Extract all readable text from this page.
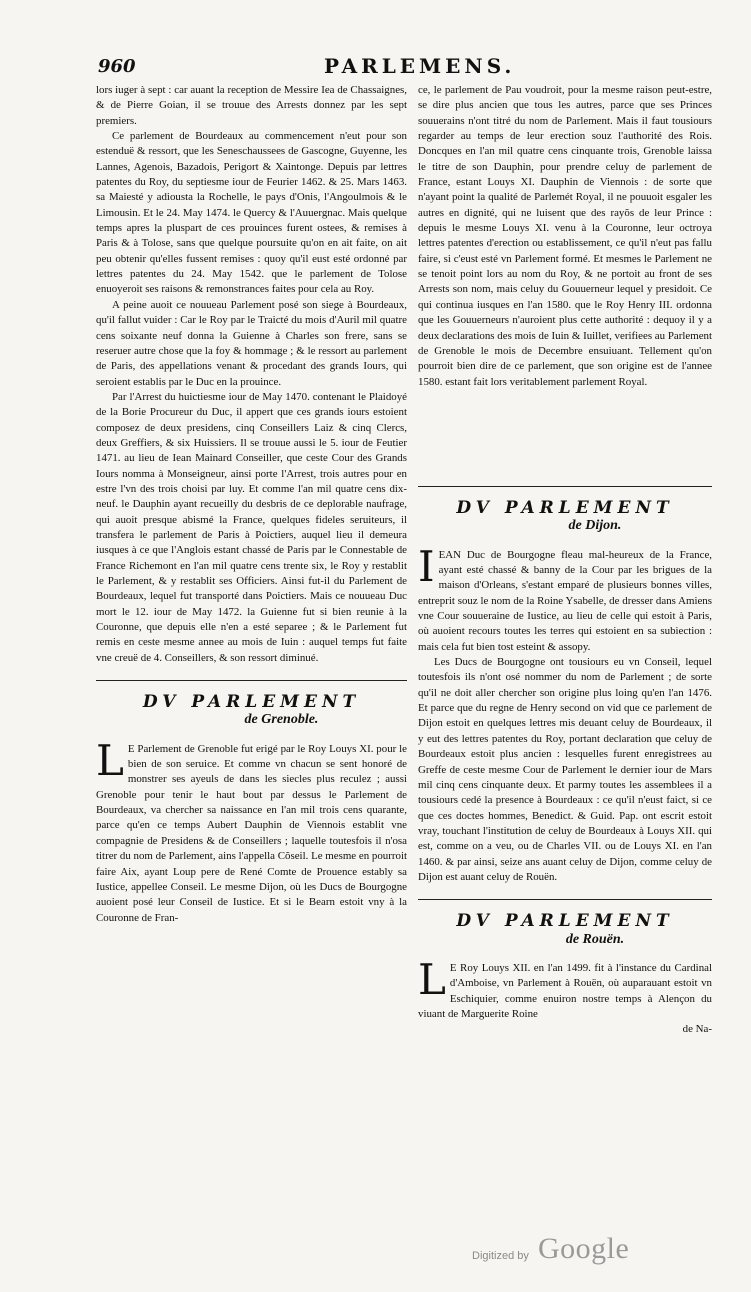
960	PARLEMENS.

lors iuger à sept : car auant la reception de Messire Iea de Chassaignes, & de Pierre Goian, il se trouue des Arrests donnez par les sept premiers.

Ce parlement de Bourdeaux au commencement n'eut pour son estenduë & ressort, que les Seneschaussees de Gascogne, Guyenne, les Lannes, Agenois, Bazadois, Perigort & Xaintonge. Depuis par lettres patentes du Roy, du septiesme iour de Feurier 1462. & 25. Mars 1463. sa Maiesté y adiousta la Rochelle, le pays d'Onis, l'Angoulmois & le Limousin. Et le 24. May 1474. le Quercy & l'Auuergnac. Mais quelque temps apres la pluspart de ces prouinces furent ostees, & remises à Paris & à Tolose, sans que quelque poursuite qu'on en ait faite, on ait peu obtenir qu'elles fussent remises : quoy qu'il eust esté ordonné par lettres patentes du 24. May 1542. que le parlement de Tolose enuoyeroit ses raisons & remonstrances faites pour cela au Roy.

A peine auoit ce nouueau Parlement posé son siege à Bourdeaux, qu'il fallut vuider : Car le Roy par le Traicté du mois d'Auril mil quatre cens soixante neuf donna la Guienne à Charles son frere, sans se reseruer autre chose que la foy & hommage ; & le ressort au parlement de Paris, des appellations venant & procedant des grands Iours, qui seroient establis par le Duc en la prouince.

Par l'Arrest du huictiesme iour de May 1470. contenant le Plaidoyé de la Borie Procureur du Duc, il appert que ces grands iours estoient composez de deux presidens, cinq Conseillers Laiz & cinq Clercs, deux Greffiers, & six Huissiers. Il se trouue aussi le 5. iour de Feutier 1471. au lieu de Iean Mainard Conseiller, que ceste Cour des Grands Iours nomma à Monseigneur, ainsi porte l'Arrest, trois autres pour en estre l'vn des trois choisi par luy. Et comme l'an mil quatre cens dix-neuf. le Dauphin ayant recueilly du desbris de ce deplorable naufrage, qui auoit presque abismé la France, quelques fideles seruiteurs, il transfera le parlement de Paris à Poictiers, auquel lieu il demeura iusques à ce que l'Anglois estant chassé de Paris par le Connestable de France Richemont en l'an mil quatre cens trente six, le Roy y restablit le Parlement, & y restablit ses Officiers. Ainsi fut-il du Parlement de Bourdeaux, lequel fut transporté dans Poictiers. Mais ce nouueau Duc mort le 12. iour de May 1472. la Guienne fut si bien reunie à la Couronne, que depuis elle n'en a esté separee ; & le Parlement fut remis en ceste mesme annee au mois de Iuin : auquel temps fut faite vne creuë de 4. Conseillers, & son ressort diminué.

DV PARLEMENT
de Grenoble.

L E Parlement de Grenoble fut erigé par le Roy Louys XI. pour le bien de son seruice. Et comme vn chacun se sent honoré de monstrer ses ayeuls de dans les siecles plus reculez ; aussi Grenoble pour tenir le haut bout par dessus le Parlement de Bourdeaux, va chercher sa naissance en l'an mil trois cens quarante, parce qu'en ce temps Aubert Dauphin de Viennois establit vne compagnie de Presidens & de Conseillers ; laquelle toutesfois il n'osa titrer du nom de Parlement, ains l'appella Cõseil. Le mesme en pourroit faire Aix, ayant Loup pere de René Comte de Prouence estably sa Iustice, appellee Conseil. Le mesme Dijon, où les Ducs de Bourgogne auoient posé leur Conseil de Iustice. Et si le Bearn estoit vny à la Couronne de Fran-

ce, le parlement de Pau voudroit, pour la mesme raison peut-estre, se dire plus ancien que tous les autres, parce que ses Princes souuerains n'ont titré du nom de Parlement. Mais il faut tousiours regarder au temps de leur erection souz l'authorité des Rois. Doncques en l'an mil quatre cens cinquante trois, Grenoble laissa le titre de son Dauphin, pour prendre celuy de parlement de France, estant Louys XI. Dauphin de Viennois : de sorte que n'ayant point la qualité de Parlemét Royal, il ne pouuoit esgaler les autres en dignité, qui ne luisent que des rayõs de leur Prince : depuis le mesme Louys XI. venu à la Couronne, leur octroya lettres patentes d'erection ou establissement, ce qu'il n'eut pas fallu faire, si c'eust esté vn Parlement formé. Et mesmes le Parlement ne se tenoit point lors au nom du Roy, & ne portoit au front de ses Arrests son nom, mais celuy du Gouuerneur lequel y presidoit. Ce qui continua iusques en l'an 1580. que le Roy Henry III. ordonna que les Gouuerneurs n'auroient plus cette authorité : dequoy il y a deux declarations des mois de Iuin & Iuillet, verifiees au Parlement de Grenoble le mois de Decembre ensuiuant. Tellement qu'on pourroit bien dire de ce parlement, que son origine est de l'annee 1580. estant fait lors veritablement parlement Royal.

DV PARLEMENT
de Dijon.

IEAN Duc de Bourgogne fleau mal-heureux de la France, ayant esté chassé & banny de la Cour par les brigues de la maison d'Orleans, s'estant emparé de plusieurs bonnes villes, entreprit souz le nom de la Roine Ysabelle, de dresser dans Amiens vne Cour souueraine de Iustice, au lieu de celle qui estoit à Paris, où auoient recours toutes les terres qui estoient en sa subiection : mais cela fut bien tost esteint & assopy.

Les Ducs de Bourgogne ont tousiours eu vn Conseil, lequel toutesfois ils n'ont osé nommer du nom de Parlement ; de sorte qu'il ne doit aller chercher son origine plus loing qu'en l'an 1476. Et parce que du regne de Henry second on vid que ce parlement de Dijon estoit en quelques lettres mis deuant celuy de Bourdeaux, il y eut des lettres patentes du Roy, portant declaration que celuy de Bourdeaux estoit plus ancien : lesquelles furent enregistrees au Greffe de ceste mesme Cour de Parlement le dernier iour de Mars mil cinq cens cinquante deux. Et parmy toutes les assemblees il a tousiours cedé la presence à Bourdeaux : ce qu'il n'eust faict, si ce que ces doctes hommes, Benedict. & Guid. Pap. ont escrit estoit vray, touchant l'institution de celuy de Bourdeaux à Louys XII. qui est, comme on a veu, ou de Charles VII. ou de Louys XI. en l'an 1460. & par ainsi, seize ans auant celuy de Dijon, comme celuy de Dijon est auant celuy de Rouën.

DV PARLEMENT
de Rouën.

L E Roy Louys XII. en l'an 1499. fit à l'instance du Cardinal d'Amboise, vn Parlement à Rouën, où auparauant estoit vn Eschiquier, comme enuiron nostre temps à Alençon du viuant de Marguerite Roine

de Na-
Digitized by Google
